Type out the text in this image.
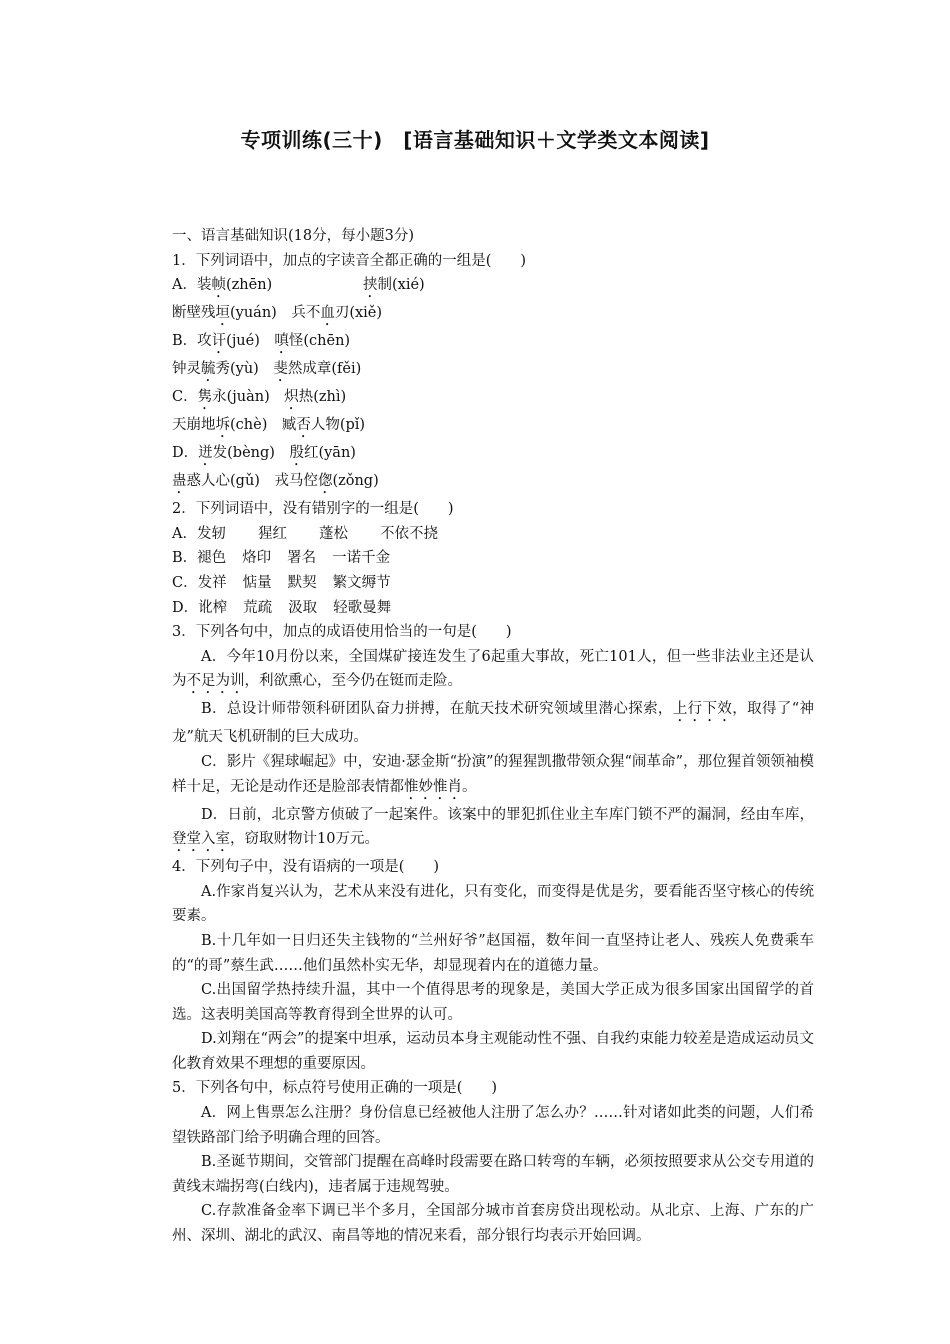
专项训练(三十)　[语言基础知识＋文学类文本阅读]
一、语言基础知识(18分，每小题3分)
1．下列词语中，加点的字读音全都正确的一组是(　　)
A．装帧(zhēn)	挟制(xié)
断壁残垣(yuán)　 兵不血刃(xiě)
B．攻讦(jué)　 嗔怪(chēn)
钟灵毓秀(yù)　 斐然成章(fěi)
C．隽永(juàn)　 炽热(zhì)
天崩地坼(chè)　 臧否人物(pǐ)
D．迸发(bèng)　 殷红(yān)
蛊惑人心(gǔ)　 戎马倥偬(zǒng)
2．下列词语中，没有错别字的一组是(　　)
A．发轫 猩红 蓬松 不依不挠
B．褪色 烙印 署名 一诺千金
C．发祥 惦量 默契 繁文缛节
D．讹榨 荒疏 汲取 轻歌曼舞
3．下列各句中，加点的成语使用恰当的一句是(　　)

A．今年10月份以来，全国煤矿接连发生了6起重大事故，死亡101人，但一些非法业主还是认为不足为训，利欲熏心，至今仍在铤而走险。

B．总设计师带领科研团队奋力拼搏，在航天技术研究领域里潜心探索，上行下效，取得了“神龙”航天飞机研制的巨大成功。

C．影片《猩球崛起》中，安迪·瑟金斯“扮演”的猩猩凯撒带领众猩“闹革命”，那位猩首领领袖模样十足，无论是动作还是脸部表情都惟妙惟肖。

D．日前，北京警方侦破了一起案件。该案中的罪犯抓住业主车库门锁不严的漏洞，经由车库，登堂入室，窃取财物计10万元。

4．下列句子中，没有语病的一项是(　　)

A.作家肖复兴认为，艺术从来没有进化，只有变化，而变得是优是劣，要看能否坚守核心的传统要素。

B.十几年如一日归还失主钱物的“兰州好爷”赵国福，数年间一直坚持让老人、残疾人免费乘车的“的哥”蔡生武……他们虽然朴实无华，却显现着内在的道德力量。

C.出国留学热持续升温，其中一个值得思考的现象是，美国大学正成为很多国家出国留学的首选。这表明美国高等教育得到全世界的认可。

D.刘翔在“两会”的提案中坦承，运动员本身主观能动性不强、自我约束能力较差是造成运动员文化教育效果不理想的重要原因。

5．下列各句中，标点符号使用正确的一项是(　　)

A．网上售票怎么注册？身份信息已经被他人注册了怎么办？……针对诸如此类的问题，人们希望铁路部门给予明确合理的回答。

B.圣诞节期间，交管部门提醒在高峰时段需要在路口转弯的车辆，必须按照要求从公交专用道的黄线末端拐弯(白线内)，违者属于违规驾驶。

C.存款准备金率下调已半个多月，全国部分城市首套房贷出现松动。从北京、上海、广东的广州、深圳、湖北的武汉、南昌等地的情况来看，部分银行均表示开始回调。
